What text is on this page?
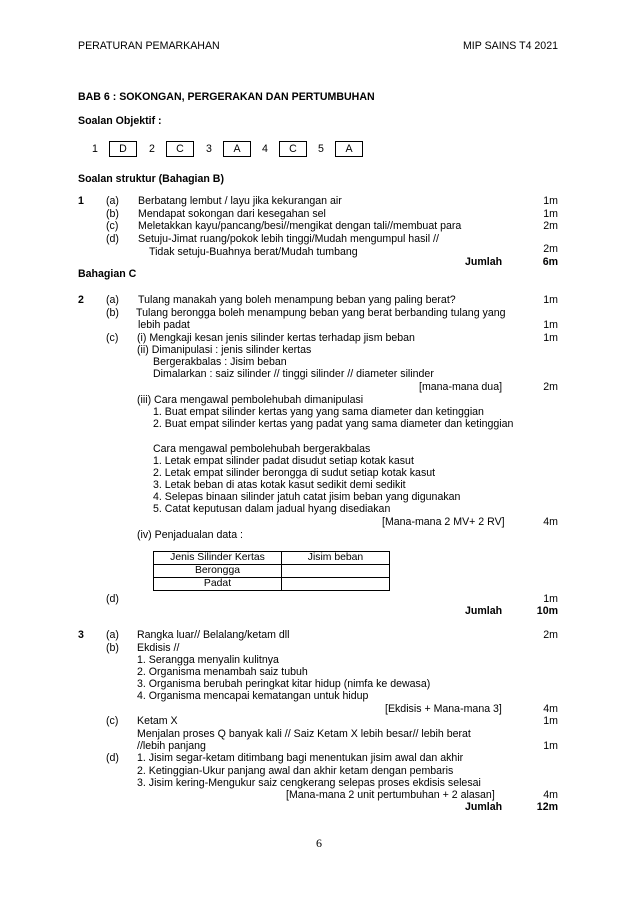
PERATURAN PEMARKAHAN	MIP SAINS T4 2021
BAB 6 : SOKONGAN, PERGERAKAN DAN PERTUMBUHAN
Soalan Objektif :
1	D	2	C	3	A	4	C	5	A
Soalan struktur (Bahagian B)
1 (a) Berbatang lembut / layu jika kekurangan air	1m
(b) Mendapat sokongan dari kesegahan sel	1m
(c) Meletakkan kayu/pancang/besi//mengikat dengan tali//membuat para	2m
(d) Setuju-Jimat ruang/pokok lebih tinggi/Mudah mengumpul hasil //
Tidak setuju-Buahnya berat/Mudah tumbang	2m
Jumlah	6m
Bahagian C
2 (a) Tulang manakah yang boleh menampung beban yang paling berat?	1m
(b) Tulang berongga boleh menampung beban yang berat berbanding tulang yang
lebih padat	1m
(c) (i) Mengkaji kesan jenis silinder kertas terhadap jism beban	1m
(ii) Dimanipulasi : jenis silinder kertas
Bergerakbalas : Jisim beban
Dimalarkan : saiz silinder // tinggi silinder // diameter silinder
[mana-mana dua]	2m
(iii) Cara mengawal pembolehubah dimanipulasi
1. Buat empat silinder kertas yang yang sama diameter dan ketinggian
2. Buat empat silinder kertas yang padat yang sama diameter dan ketinggian
Cara mengawal pembolehubah bergerakbalas
1. Letak empat silinder padat disudut setiap kotak kasut
2. Letak empat silinder berongga di sudut setiap kotak kasut
3. Letak beban di atas kotak kasut sedikit demi sedikit
4. Selepas binaan silinder jatuh catat jisim beban yang digunakan
5. Catat keputusan dalam jadual hyang disediakan
[Mana-mana 2 MV+ 2 RV]	4m
(iv) Penjadualan data :
Jenis Silinder Kertas	Jisim beban
Berongga	
Padat	
(d)	1m
Jumlah	10m
3 (a) Rangka luar// Belalang/ketam dll	2m
(b) Ekdisis //
1. Serangga menyalin kulitnya
2. Organisma menambah saiz tubuh
3. Organisma berubah peringkat kitar hidup (nimfa ke dewasa)
4. Organisma mencapai kematangan untuk hidup
[Ekdisis + Mana-mana 3]	4m
(c) Ketam X	1m
Menjalan proses Q banyak kali // Saiz Ketam X lebih besar// lebih berat
//lebih panjang	1m
(d) 1. Jisim segar-ketam ditimbang bagi menentukan jisim awal dan akhir
2. Ketinggian-Ukur panjang awal dan akhir ketam dengan pembaris
3. Jisim kering-Mengukur saiz cengkerang selepas proses ekdisis selesai
[Mana-mana 2 unit pertumbuhan + 2 alasan]	4m
Jumlah	12m
6
